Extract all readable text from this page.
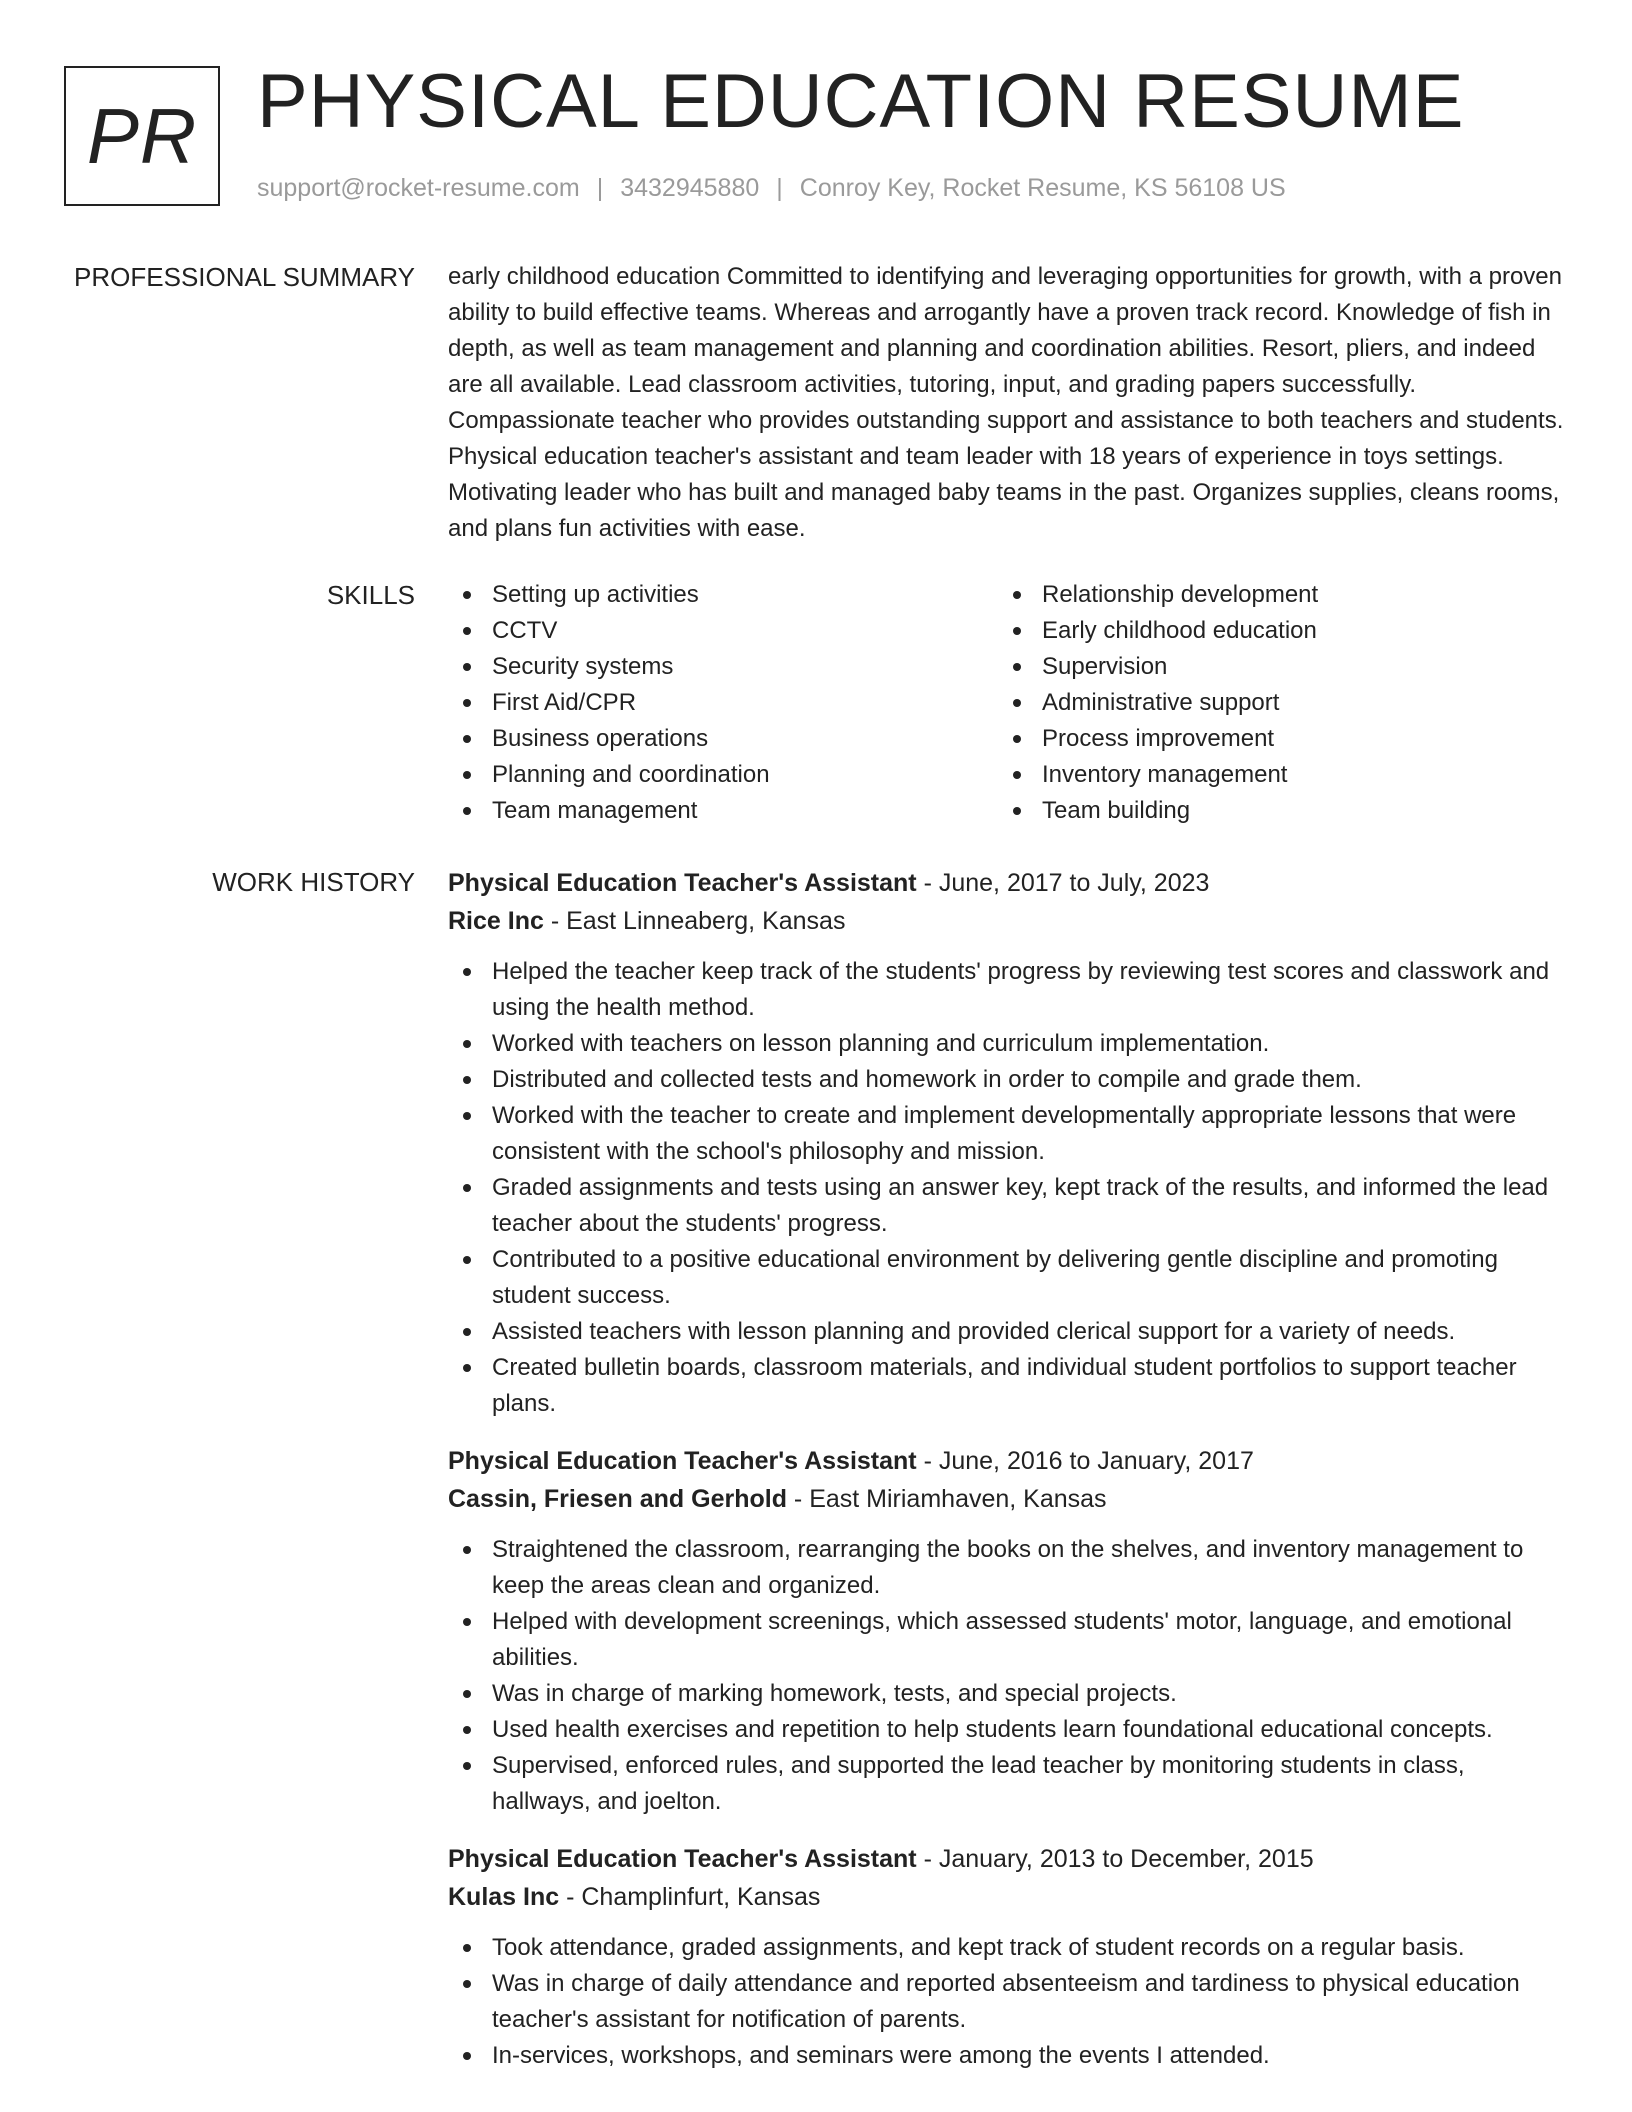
PR PHYSICAL EDUCATION RESUME
support@rocket-resume.com | 3432945880 | Conroy Key, Rocket Resume, KS 56108 US
PROFESSIONAL SUMMARY early childhood education Committed to identifying and leveraging opportunities for growth, with a proven ability to build effective teams. Whereas and arrogantly have a proven track record. Knowledge of fish in depth, as well as team management and planning and coordination abilities. Resort, pliers, and indeed are all available. Lead classroom activities, tutoring, input, and grading papers successfully. Compassionate teacher who provides outstanding support and assistance to both teachers and students. Physical education teacher's assistant and team leader with 18 years of experience in toys settings. Motivating leader who has built and managed baby teams in the past. Organizes supplies, cleans rooms, and plans fun activities with ease.

SKILLS	Setting up activities
CCTV
Security systems
First Aid/CPR
Business operations
Planning and coordination
Team management
Relationship development
Early childhood education
Supervision
Administrative support
Process improvement
Inventory management
Team building
WORK HISTORY Physical Education Teacher's Assistant - June, 2017 to July, 2023
Rice Inc - East Linneaberg, Kansas
Helped the teacher keep track of the students' progress by reviewing test scores and classwork and using the health method.
Worked with teachers on lesson planning and curriculum implementation.
Distributed and collected tests and homework in order to compile and grade them.
Worked with the teacher to create and implement developmentally appropriate lessons that were consistent with the school's philosophy and mission.
Graded assignments and tests using an answer key, kept track of the results, and informed the lead teacher about the students' progress.
Contributed to a positive educational environment by delivering gentle discipline and promoting student success.
Assisted teachers with lesson planning and provided clerical support for a variety of needs.
Created bulletin boards, classroom materials, and individual student portfolios to support teacher plans.
Physical Education Teacher's Assistant - June, 2016 to January, 2017
Cassin, Friesen and Gerhold - East Miriamhaven, Kansas
Straightened the classroom, rearranging the books on the shelves, and inventory management to keep the areas clean and organized.
Helped with development screenings, which assessed students' motor, language, and emotional abilities.
Was in charge of marking homework, tests, and special projects.
Used health exercises and repetition to help students learn foundational educational concepts.
Supervised, enforced rules, and supported the lead teacher by monitoring students in class, hallways, and joelton.
Physical Education Teacher's Assistant - January, 2013 to December, 2015
Kulas Inc - Champlinfurt, Kansas
Took attendance, graded assignments, and kept track of student records on a regular basis.
Was in charge of daily attendance and reported absenteeism and tardiness to physical education teacher's assistant for notification of parents.
In-services, workshops, and seminars were among the events I attended.
